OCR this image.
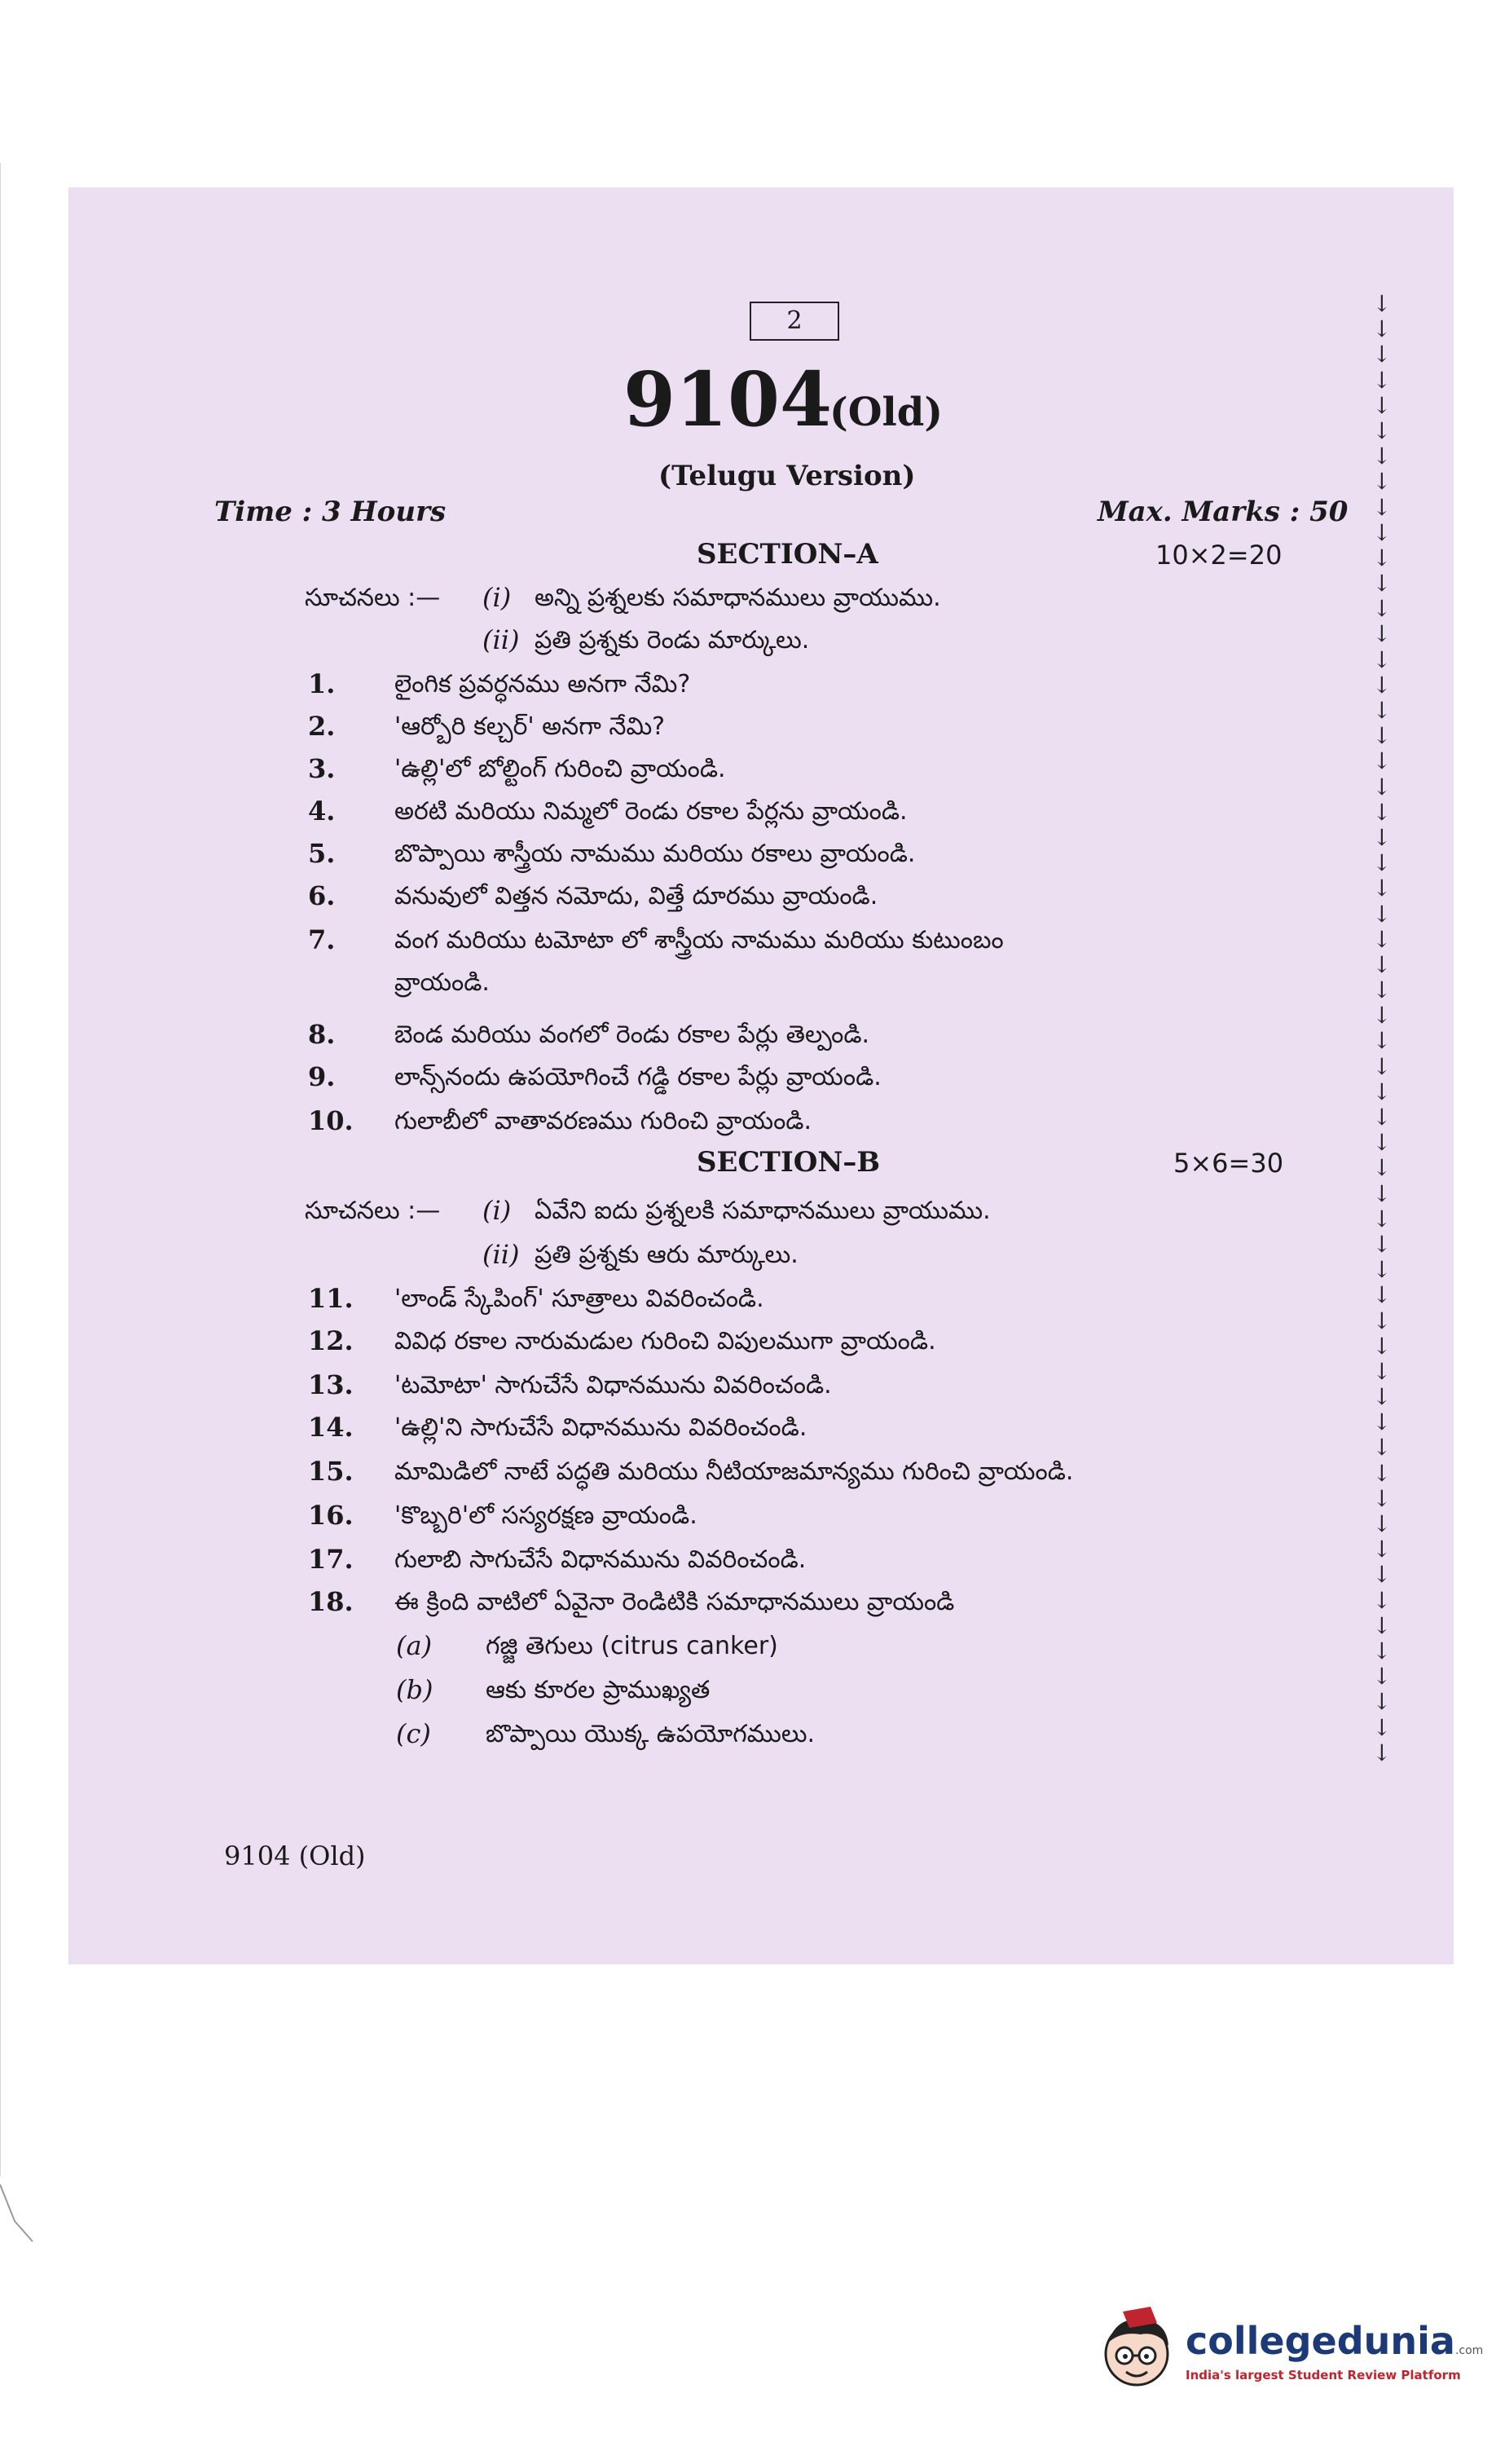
2
9104
(Old)
(Telugu Version)
Time : 3 Hours	Max. Marks : 50
SECTION–A	10×2=20
సూచనలు :— (i) అన్ని ప్రశ్నలకు సమాధానములు వ్రాయుము.
(ii) ప్రతి ప్రశ్నకు రెండు మార్కులు.
1. లైంగిక ప్రవర్ధనము అనగా నేమి?
2. 'ఆర్బోరి కల్చర్' అనగా నేమి?
3. 'ఉల్లి'లో బోల్టింగ్ గురించి వ్రాయండి.
4. అరటి మరియు నిమ్మలో రెండు రకాల పేర్లను వ్రాయండి.
5. బొప్పాయి శాస్త్రీయ నామము మరియు రకాలు వ్రాయండి.
6. వనువులో విత్తన నమోదు, విత్తే దూరము వ్రాయండి.
7. వంగ మరియు టమోటా లో శాస్త్రీయ నామము మరియు కుటుంబం
వ్రాయండి.
8. బెండ మరియు వంగలో రెండు రకాల పేర్లు తెల్పండి.
9. లాన్స్‌నందు ఉపయోగించే గడ్డి రకాల పేర్లు వ్రాయండి.
10. గులాబీలో వాతావరణము గురించి వ్రాయండి.
SECTION–B	5×6=30
సూచనలు :— (i) ఏవేని ఐదు ప్రశ్నలకి సమాధానములు వ్రాయుము.
(ii) ప్రతి ప్రశ్నకు ఆరు మార్కులు.
11. 'లాండ్ స్కేపింగ్' సూత్రాలు వివరించండి.
12. వివిధ రకాల నారుమడుల గురించి విపులముగా వ్రాయండి.
13. 'టమోటా' సాగుచేసే విధానమును వివరించండి.
14. 'ఉల్లి'ని సాగుచేసే విధానమును వివరించండి.
15. మామిడిలో నాటే పద్ధతి మరియు నీటియాజమాన్యము గురించి వ్రాయండి.
16. 'కొబ్బరి'లో సస్యరక్షణ వ్రాయండి.
17. గులాబి సాగుచేసే విధానమును వివరించండి.
18. ఈ క్రింది వాటిలో ఏవైనా రెండిటికి సమాధానములు వ్రాయండి
(a) గజ్జి తెగులు (citrus canker)
(b) ఆకు కూరల ప్రాముఖ్యత
(c) బొప్పాయి యొక్క ఉపయోగములు.
9104 (Old)
↓
↓
↓
↓
↓
↓
↓
↓
↓
↓
↓
↓
↓
↓
↓
↓
↓
↓
↓
↓
↓
↓
↓
↓
↓
↓
↓
↓
↓
↓
↓
↓
↓
↓
↓
↓
↓
↓
↓
↓
↓
↓
↓
↓
↓
↓
↓
↓
↓
↓
↓
↓
↓
↓
↓
↓
↓
↓
collegedunia.com
India's largest Student Review Platform
